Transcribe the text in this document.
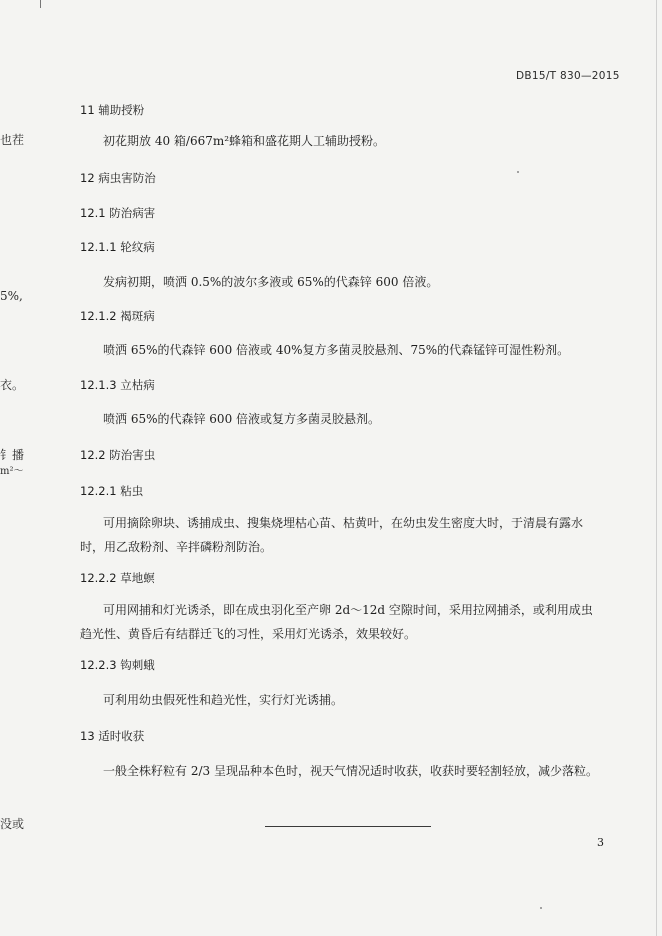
DB15/T 830—2015
也茬
5%,
衣。
钅播
m²～
没或
11 辅助授粉
初花期放 40 箱/667m²蜂箱和盛花期人工辅助授粉。
12 病虫害防治
12.1 防治病害
12.1.1 轮纹病
发病初期，喷洒 0.5%的波尔多液或 65%的代森锌 600 倍液。
12.1.2 褐斑病
喷洒 65%的代森锌 600 倍液或 40%复方多菌灵胶悬剂、75%的代森锰锌可湿性粉剂。
12.1.3 立枯病
喷洒 65%的代森锌 600 倍液或复方多菌灵胶悬剂。
12.2 防治害虫
12.2.1 粘虫
可用摘除卵块、诱捕成虫、搜集烧埋枯心苗、枯黄叶，在幼虫发生密度大时，于清晨有露水时，用乙敌粉剂、辛拌磷粉剂防治。
12.2.2 草地螟
可用网捕和灯光诱杀，即在成虫羽化至产卵 2d～12d 空隙时间，采用拉网捕杀，或利用成虫趋光性、黄昏后有结群迁飞的习性，采用灯光诱杀，效果较好。
12.2.3 钩刺蛾
可利用幼虫假死性和趋光性，实行灯光诱捕。
13 适时收获
一般全株籽粒有 2/3 呈现品种本色时，视天气情况适时收获，收获时要轻割轻放，减少落粒。
3
